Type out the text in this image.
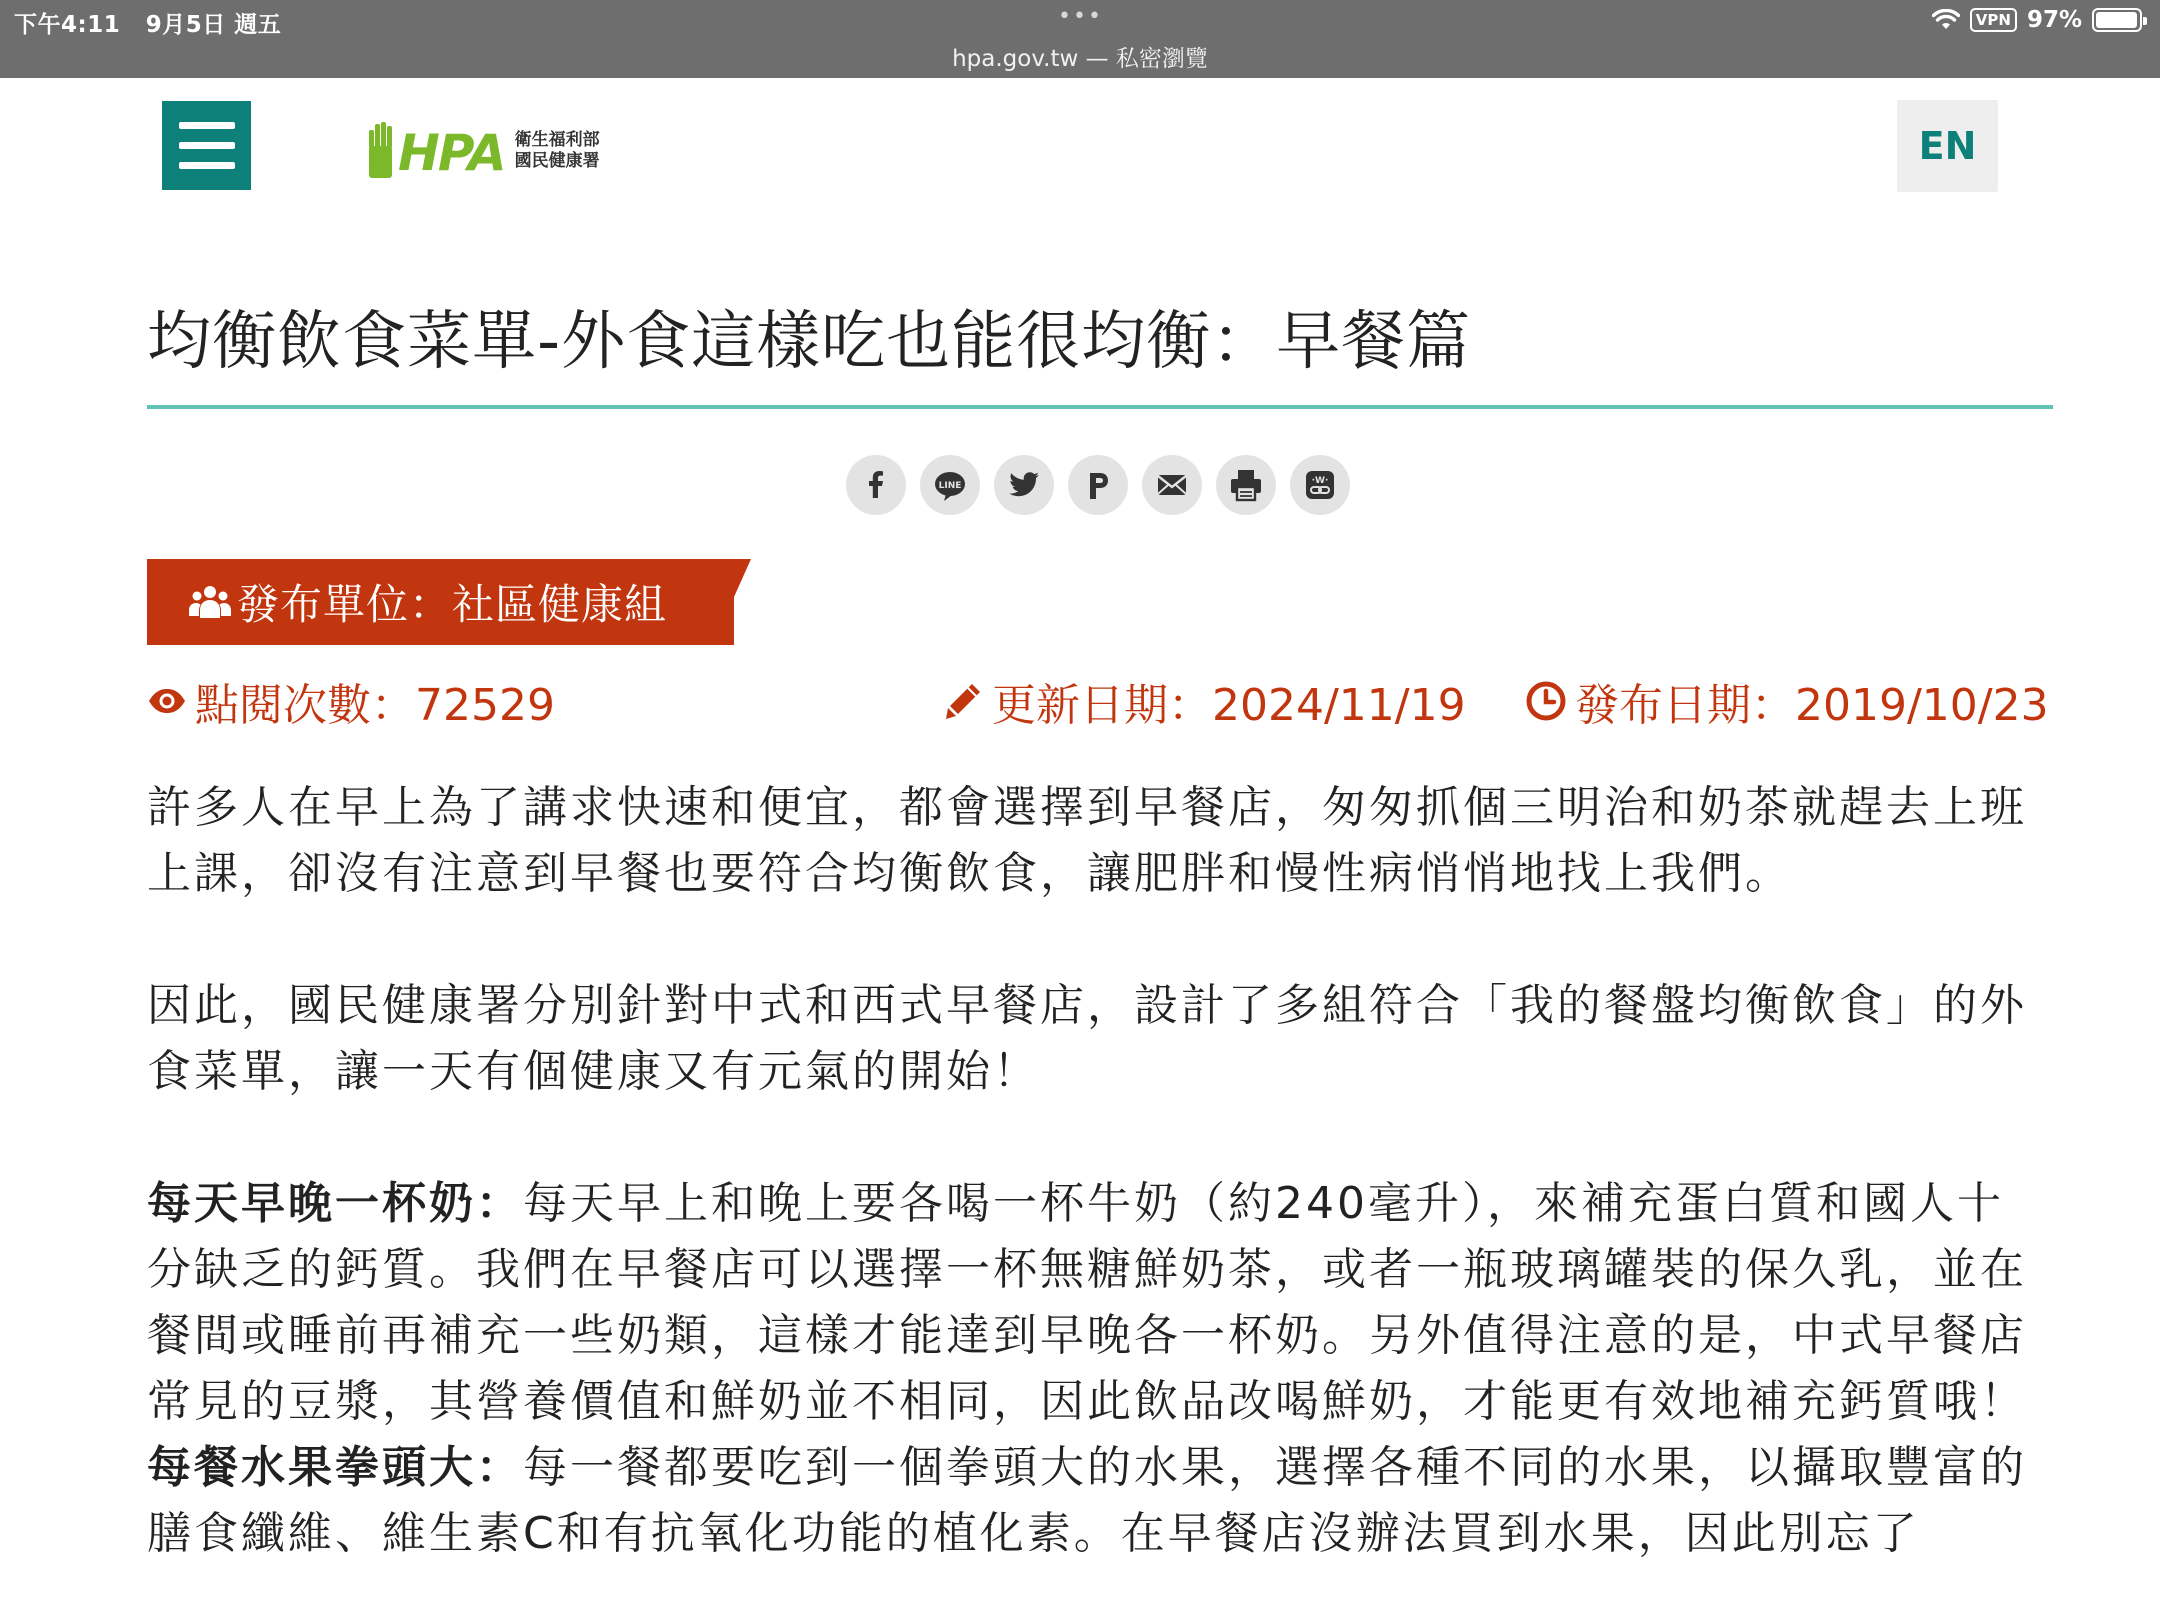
下午4:11 9月5日 週五	•••
hpa.gov.tw — 私密瀏覽
VPN 97%
HPA 衛生福利部
國民健康署	EN
均衡飲食菜單-外食這樣吃也能很均衡：早餐篇
LINE	·W·
發布單位：社區健康組
點閱次數：72529	更新日期：2024/11/19 發布日期：2019/10/23

許多人在早上為了講求快速和便宜，都會選擇到早餐店，匆匆抓個三明治和奶茶就趕去上班上課，卻沒有注意到早餐也要符合均衡飲食，讓肥胖和慢性病悄悄地找上我們。

因此，國民健康署分別針對中式和西式早餐店，設計了多組符合「我的餐盤均衡飲食」的外食菜單，讓一天有個健康又有元氣的開始！

每天早晚一杯奶：每天早上和晚上要各喝一杯牛奶（約240毫升），來補充蛋白質和國人十分缺乏的鈣質。我們在早餐店可以選擇一杯無糖鮮奶茶，或者一瓶玻璃罐裝的保久乳，並在餐間或睡前再補充一些奶類，這樣才能達到早晚各一杯奶。另外值得注意的是，中式早餐店常見的豆漿，其營養價值和鮮奶並不相同，因此飲品改喝鮮奶，才能更有效地補充鈣質哦！

每餐水果拳頭大：每一餐都要吃到一個拳頭大的水果，選擇各種不同的水果，以攝取豐富的膳食纖維、維生素C和有抗氧化功能的植化素。在早餐店沒辦法買到水果，因此別忘了
